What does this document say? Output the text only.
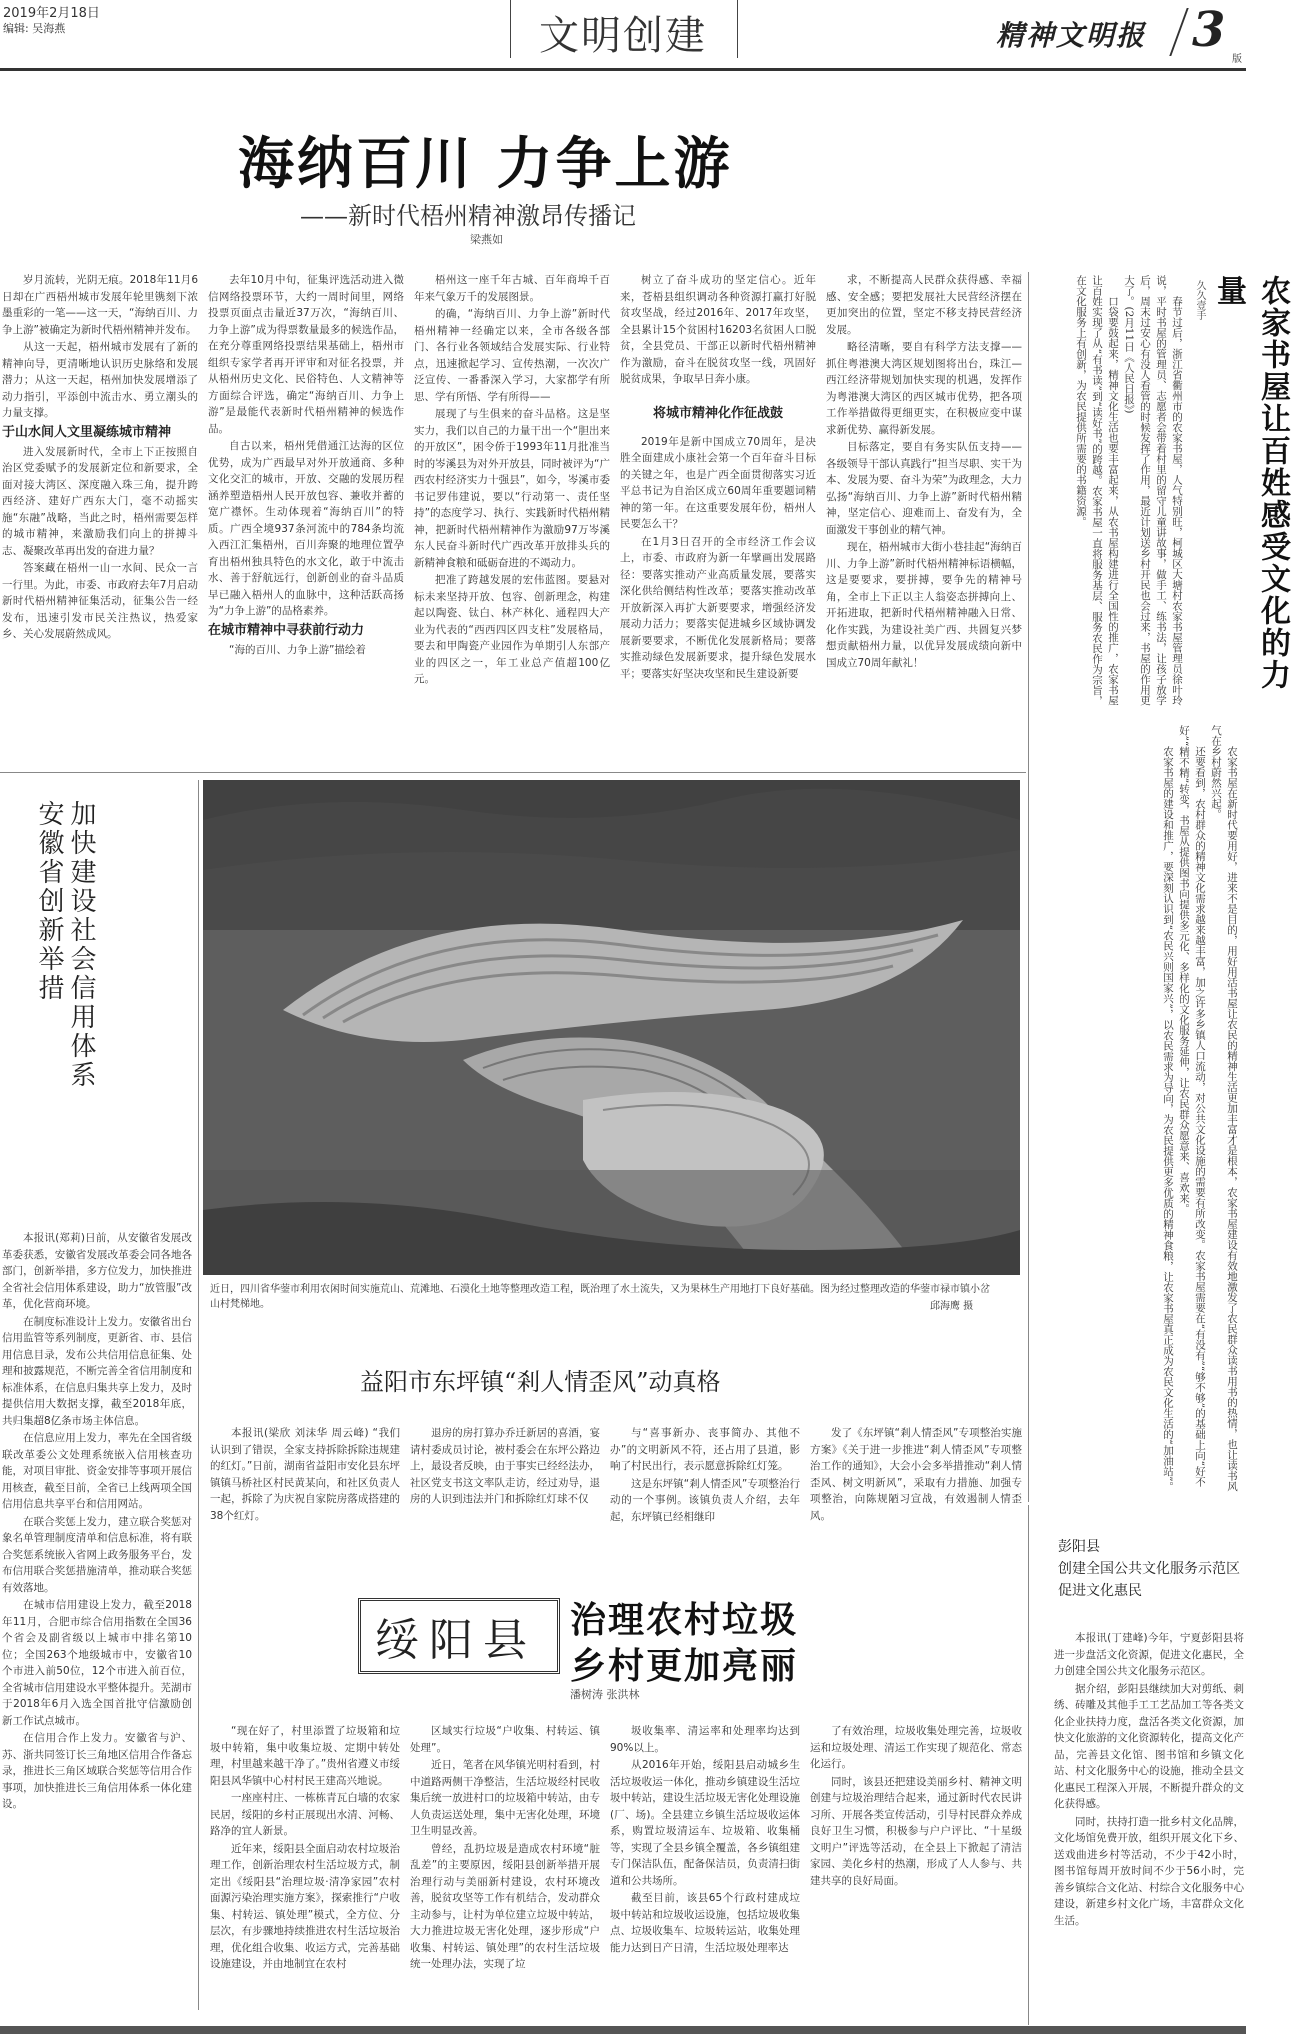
2019年2月18日
编辑: 吴海燕	文明创建	精神文明报 3
版
海纳百川 力争上游
——新时代梧州精神激昂传播记
梁燕如

岁月流转，光阴无痕。2018年11月6日却在广西梧州城市发展年轮里镌刻下浓墨重彩的一笔——这一天，“海纳百川、力争上游”被确定为新时代梧州精神并发布。

从这一天起，梧州城市发展有了新的精神向导，更清晰地认识历史脉络和发展潜力；从这一天起，梧州加快发展增添了动力指引，平添创中流击水、勇立潮头的力量支撑。

于山水间人文里凝练城市精神

进入发展新时代，全市上下正按照自治区党委赋予的发展新定位和新要求，全面对接大湾区、深度融入珠三角，提升跨西经济、建好广西东大门，毫不动摇实施“东融”战略，当此之时，梧州需要怎样的城市精神，来激励我们向上的拼搏斗志、凝聚改革再出发的奋进力量？

答案藏在梧州一山一水间、民众一言一行里。为此，市委、市政府去年7月启动新时代梧州精神征集活动，征集公告一经发布，迅速引发市民关注热议，热爱家乡、关心发展蔚然成风。

去年10月中旬，征集评选活动进入微信网络投票环节，大约一周时间里，网络投票页面点击量近37万次，“海纳百川、力争上游”成为得票数量最多的候选作品，在充分尊重网络投票结果基础上，梧州市组织专家学者再开评审和对征名投票，并从梧州历史文化、民俗特色、人文精神等方面综合评选，确定“海纳百川、力争上游”是最能代表新时代梧州精神的候选作品。

自古以来，梧州凭借通江达海的区位优势，成为广西最早对外开放通商、多种文化交汇的城市，开放、交融的发展历程涵养塑造梧州人民开放包容、兼收并蓄的宽广襟怀。生动体现着“海纳百川”的特质。广西全境937条河流中的784条均流入西江汇集梧州，百川奔聚的地理位置孕育出梧州独具特色的水文化，敢于中流击水、善于舒航远行，创新创业的奋斗品质早已融入梧州人的血脉中，这种活跃高扬为“力争上游”的品格素养。

在城市精神中寻获前行动力

“海的百川、力争上游”描绘着

梧州这一座千年古城、百年商埠千百年来气象万千的发展图景。

的确，“海纳百川、力争上游”新时代梧州精神一经确定以来，全市各级各部门、各行业各领域结合发展实际、行业特点，迅速掀起学习、宣传热潮，一次次广泛宣传、一番番深入学习，大家都学有所思、学有所悟、学有所得——

展现了与生俱来的奋斗品格。这是坚实力，我们以自己的力量干出一个“胆出来的开放区”，困令侨于1993年11月批准当时的岑溪县为对外开放县，同时被评为“广西农村经济实力十强县”，如今，岑溪市委书记罗伟建说，要以“行动第一、责任坚持”的态度学习、执行、实践新时代梧州精神，把新时代梧州精神作为激励97万岑溪东人民奋斗新时代广西改革开放排头兵的新精神食粮和砥砺奋进的不竭动力。

把准了跨越发展的宏伟蓝图。要悬对标未来坚持开放、包容、创新理念，构建起以陶瓷、钛白、林产林化、通程四大产业为代表的“西西四区四支柱”发展格局，要去和甲陶瓷产业园作为单期引人东部产业的四区之一，年工业总产值超100亿元。

树立了奋斗成功的坚定信心。近年来，苍梧县组织调动各种资源打赢打好脱贫攻坚战，经过2016年、2017年攻坚，全县累计15个贫困村16203名贫困人口脱贫，全县党员、干部正以新时代梧州精神作为激励，奋斗在脱贫攻坚一线，巩固好脱贫成果，争取早日奔小康。

将城市精神化作征战鼓

2019年是新中国成立70周年，是决胜全面建成小康社会第一个百年奋斗目标的关键之年，也是广西全面贯彻落实习近平总书记为自治区成立60周年重要题词精神的第一年。在这重要发展年份，梧州人民要怎么干？

在1月3日召开的全市经济工作会议上，市委、市政府为新一年擘画出发展路径：要落实推动产业高质量发展，要落实深化供给侧结构性改革；要落实推动改革开放新深入再扩大新要要求，增强经济发展动力活力；要落实促进城乡区域协调发展新要要求，不断优化发展新格局；要落实推动绿色发展新要求，提升绿色发展水平；要落实好坚决攻坚和民生建设新要

求，不断提高人民群众获得感、幸福感、安全感；要把发展社大民营经济摆在更加突出的位置，坚定不移支持民营经济发展。

略径清晰，要自有科学方法支撑——抓住粤港澳大湾区规划图将出台，珠江—西江经济带规划加快实现的机遇，发挥作为粤港澳大湾区的西区城市优势，把各项工作举措做得更细更实，在积极应变中谋求新优势、赢得新发展。

目标落定，要自有务实队伍支持——各级领导干部认真践行“担当尽职、实干为本、发展为要、奋斗为荣”为政理念，大力弘扬“海纳百川、力争上游”新时代梧州精神，坚定信心、迎难而上、奋发有为，全面激发干事创业的精气神。

现在，梧州城市大街小巷挂起“海纳百川、力争上游”新时代梧州精神标语横幅，这是要要求，要拼搏，要争先的精神号角，全市上下正以主人翁姿态拼搏向上、开拓进取，把新时代梧州精神融入日常、化作实践，为建设社美广西、共圆复兴梦想贡献梧州力量，以优异发展成绩向新中国成立70周年献礼！	农家书屋让百姓感受文化的力量
久久壹手

春节过后，浙江省衢州市的农家书屋，人气特别旺，柯城区大塘村农家书屋管理员徐叶玲说，平时书屋的管理员、志愿者会带着村里的留守儿童讲故事，做手工、练书法，让孩子放学后，周末过安心有没人看管的时候发挥了作用，最近计划送乡村开民也会过来，书屋的作用更大了。(2月11日《人民日报》)

口袋要鼓起来，精神文化生活也要丰富起来，从农书屋构建进行全国性的推广，农家书屋让百姓实现了从“有书读”到“读好书”的跨越。农家书屋一直将服务基层、服务农民作为宗旨，在文化服务上有创新，为农民提供所需要的书籍资源。

农家书屋在新时代要用好，进来不是目的，用好用活书屋让农民的精神生活更加丰富才是根本，农家书屋建设有效地激发了农民群众读书用书的热情，也让读书风气在乡村蔚然兴起。

还要看到，农村群众的精神文化需求越来越丰富，加之许多乡镇人口流动，对公共文化设施的需要有所改变。农家书屋需要在“有没有”“够不够”的基础上向“好不好”“精不精”转变，书屋从提供图书向提供多元化、多样化的文化服务延伸，让农民群众愿意来、喜欢来。

农家书屋的建设和推广，要深刻认识到“农民兴则国家兴”，以农民需求为导向，为农民提供更多优质的精神食粮，让农家书屋真正成为农民文化生活的“加油站”。

加快建设社会信用体系
安徽省创新举措

本报讯(郑莉)日前，从安徽省发展改革委获悉，安徽省发展改革委会同各地各部门，创新举措，多方位发力，加快推进全省社会信用体系建设，助力“放管服”改革，优化营商环境。

在制度标准设计上发力。安徽省出台信用监管等系列制度，更新省、市、县信用信息目录，发布公共信用信息征集、处理和披露规范，不断完善全省信用制度和标准体系，在信息归集共享上发力，及时提供信用大数据支撑，截至2018年底，共归集超8亿条市场主体信息。

在信息应用上发力，率先在全国省级联改革委公文处理系统嵌入信用核查功能，对项目审批、资金安排等事项开展信用核查，截至目前，全省已上线两项全国信用信息共享平台和信用网站。

在联合奖惩上发力，建立联合奖惩对象名单管理制度清单和信息标准，将有联合奖惩系统嵌入省网上政务服务平台，发布信用联合奖惩措施清单，推动联合奖惩有效落地。

在城市信用建设上发力，截至2018年11月，合肥市综合信用指数在全国36个省会及副省级以上城市中排名第10位；全国263个地级城市中，安徽省10个市进入前50位，12个市进入前百位，全省城市信用建设水平整体提升。芜湖市于2018年6月入选全国首批守信激励创新工作试点城市。

在信用合作上发力。安徽省与沪、苏、浙共同签订长三角地区信用合作备忘录，推进长三角区域联合奖惩等信用合作事项，加快推进长三角信用体系一体化建设。

近日，四川省华蓥市利用农闲时间实施荒山、荒滩地、石漠化土地等整理改造工程，既治理了水土流失，又为果林生产用地打下良好基础。图为经过整理改造的华蓥市禄市镇小岔山村梵梯地。	邱海鹰 摄
益阳市东坪镇“剎人情歪风”动真格

本报讯(梁欣 刘沫华 周云峰) “我们认识到了错误，全家支持拆除拆除违规建的红灯。”日前，湖南省益阳市安化县东坪镇镇马桥社区村民黄某向，和社区负责人一起，拆除了为庆祝自家院房落成搭建的38个红灯。

退房的房打算办乔迁新居的喜酒，宴请村委成员讨论，被村委会在东坪公路边上，最设者反映，由于事实已经经法办，社区党支书这文率队走访，经过劝导，退房的人识到违法并门和拆除红灯球不仅

与“喜事新办、丧事简办、其他不办”的文明新风不符，还占用了县道，影响了村民出行，表示愿意拆除红灯笼。

这是东坪镇“剎人情歪风”专项整治行动的一个事例。该镇负责人介绍，去年起，东坪镇已经相继印

发了《东坪镇“剎人情歪风”专项整治实施方案》《关于进一步推进“剎人情歪风”专项整治工作的通知》，大会小会多举措推动“剎人情歪风、树文明新风”，采取有力措施、加强专项整治，向陈规陋习宣战，有效遏制人情歪风。

绥阳县 治理农村垃圾
乡村更加亮丽
潘树涛 张洪林

“现在好了，村里添置了垃圾箱和垃圾中转箱，集中收集垃圾、定期中转处理，村里越来越干净了。”贵州省遵义市绥阳县风华镇中心村村民王建高兴地说。

一座座村庄、一栋栋青瓦白墙的农家民居，绥阳的乡村正展现出水清、河畅、路净的宜人新景。

近年来，绥阳县全面启动农村垃圾治理工作，创新治理农村生活垃圾方式，制定出《绥阳县“治理垃圾·清净家园”农村面源污染治理实施方案》，探索推行“户收集、村转运、镇处理”模式，全方位、分层次，有步骤地持续推进农村生活垃圾治理，优化组合收集、收运方式，完善基础设施建设，并由地制宜在农村

区域实行垃圾“户收集、村转运、镇处理”。

近日，笔者在风华镇光明村看到，村中道路两侧干净整洁，生活垃圾经村民收集后统一放进村口的垃圾箱中转站，由专人负责运送处理，集中无害化处理，环境卫生明显改善。

曾经，乱扔垃圾是造成农村环境“脏乱差”的主要原因，绥阳县创新举措开展治理行动与美丽新村建设，农村环境改善，脱贫攻坚等工作有机结合，发动群众主动参与，让村为单位建立垃圾中转站，大力推进垃圾无害化处理，逐步形成“户收集、村转运、镇处理”的农村生活垃圾统一处理办法，实现了垃

圾收集率、清运率和处理率均达到90%以上。

从2016年开始，绥阳县启动城乡生活垃圾收运一体化，推动乡镇建设生活垃圾中转站，建设生活垃圾无害化处理设施(厂、场)。全县建立乡镇生活垃圾收运体系，购置垃圾清运车、垃圾箱、收集桶等，实现了全县乡镇全覆盖，各乡镇组建专门保洁队伍，配备保洁员，负责清扫街道和公共场所。

截至目前，该县65个行政村建成垃圾中转站和垃圾收运设施，包括垃圾收集点、垃圾收集车、垃圾转运站，收集处理能力达到日产日清，生活垃圾处理率达

了有效治理，垃圾收集处理完善，垃圾收运和垃圾处理、清运工作实现了规范化、常态化运行。

同时，该县还把建设美丽乡村、精神文明创建与垃圾治理结合起来，通过新时代农民讲习所、开展各类宣传活动，引导村民群众养成良好卫生习惯，积极参与户户评比、“十星级文明户”评选等活动，在全县上下掀起了清洁家园、美化乡村的热潮，形成了人人参与、共建共享的良好局面。

彭阳县
创建全国公共文化服务示范区
促进文化惠民

本报讯(丁建峰)今年，宁夏彭阳县将进一步盘活文化资源，促进文化惠民，全力创建全国公共文化服务示范区。

据介绍，彭阳县继续加大对剪纸、刺绣、砖雕及其他手工工艺品加工等各类文化企业扶持力度，盘活各类文化资源，加快文化旅游的文化资源转化，提高文化产品，完善县文化馆、图书馆和乡镇文化站、村文化服务中心的设施，推动全县文化惠民工程深入开展，不断提升群众的文化获得感。

同时，扶持打造一批乡村文化品牌，文化场馆免费开放，组织开展文化下乡、送戏曲进乡村等活动，不少于42小时，图书馆每周开放时间不少于56小时，完善乡镇综合文化站、村综合文化服务中心建设，新建乡村文化广场，丰富群众文化生活。
